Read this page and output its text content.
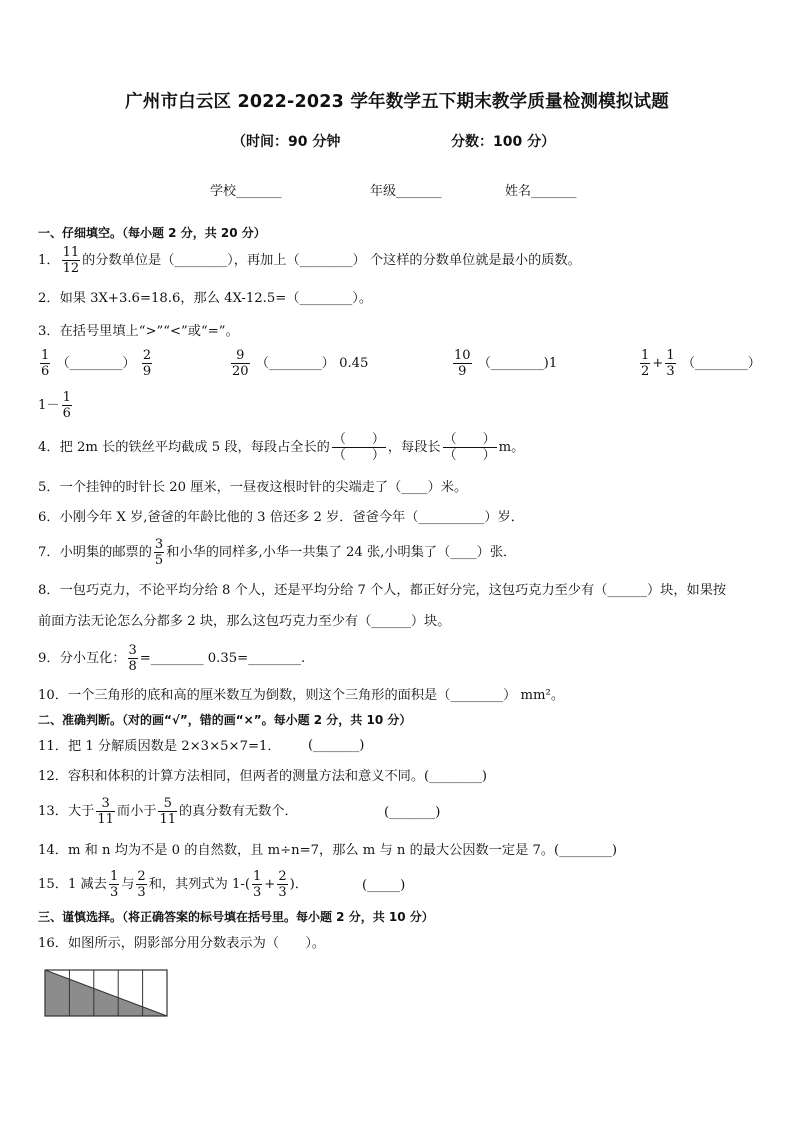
广州市白云区 2022-2023 学年数学五下期末教学质量检测模拟试题
（时间：90 分钟	分数：100 分）
学校_______	年级_______	姓名_______
一、仔细填空。（每小题 2 分，共 20 分）
1． $\frac{11}{12}$ 的分数单位是（________），再加上（________） 个这样的分数单位就是最小的质数。
2．如果 3X+3.6=18.6，那么 4X-12.5=（________）。
3．在括号里填上“>”“<”或“=”。
$\frac{1}{6}$ （________） $\frac{2}{9}$	$\frac{9}{20}$ （________） 0.45	$\frac{10}{9}$ （________)1	$\frac{1}{2} + \frac{1}{3}$ （________）
$1- \frac{1}{6}$
4．把 2m 长的铁丝平均截成 5 段，每段占全长的 $\frac{( )}{( )}$ ，每段长 $\frac{( )}{( )}$ m。
5．一个挂钟的时针长 20 厘米，一昼夜这根时针的尖端走了（____）米。
6．小刚今年 X 岁,爸爸的年龄比他的 3 倍还多 2 岁．爸爸今年（__________）岁．
7．小明集的邮票的 $\frac{3}{5}$ 和小华的同样多,小华一共集了 24 张,小明集了（____）张．
8．一包巧克力，不论平均分给 8 个人，还是平均分给 7 个人，都正好分完，这包巧克力至少有（______）块，如果按
前面方法无论怎么分都多 2 块，那么这包巧克力至少有（______）块。
9．分小互化： $\frac{3}{8}$ =________ 0.35=________.
10．一个三角形的底和高的厘米数互为倒数，则这个三角形的面积是（________） mm²。
二、准确判断。（对的画“√”，错的画“×”。每小题 2 分，共 10 分）
11．把 1 分解质因数是 2×3×5×7=1． (_______)
12．容积和体积的计算方法相同，但两者的测量方法和意义不同。(________)
13．大于 $\frac{3}{11}$ 而小于 $\frac{5}{11}$ 的真分数有无数个．	(_______)
14．m 和 n 均为不是 0 的自然数，且 m÷n=7，那么 m 与 n 的最大公因数一定是 7。(________)
15．1 减去 $\frac{1}{3}$ 与 $\frac{2}{3}$ 和，其列式为 $1-( \frac{1}{3} + \frac{2}{3}$ )．	(_____)
三、谨慎选择。（将正确答案的标号填在括号里。每小题 2 分，共 10 分）
16．如图所示，阴影部分用分数表示为（　　）。
